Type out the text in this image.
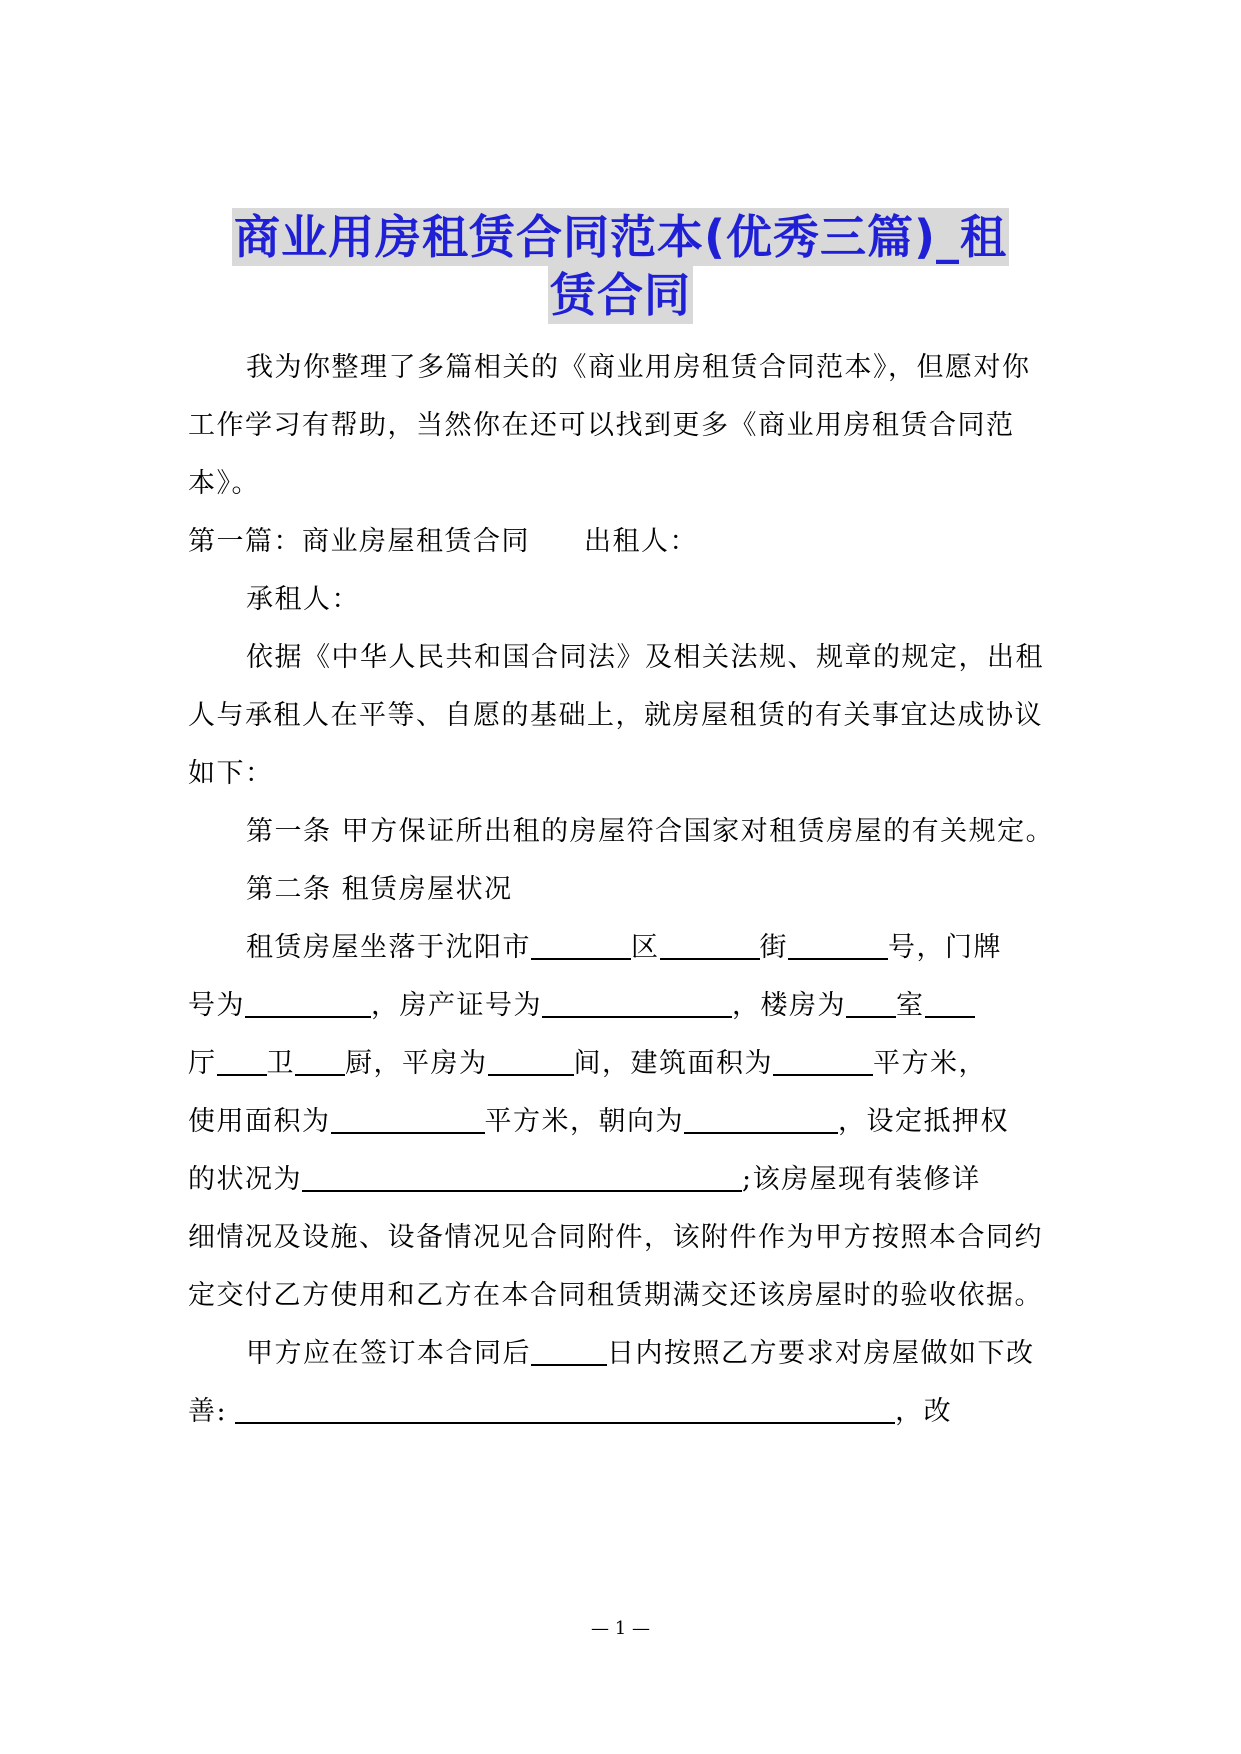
商业用房租赁合同范本(优秀三篇)_租
赁合同
我为你整理了多篇相关的《商业用房租赁合同范本》，但愿对你
工作学习有帮助，当然你在还可以找到更多《商业用房租赁合同范
本》。
第一篇：商业房屋租赁合同 出租人：
承租人：
依据《中华人民共和国合同法》及相关法规、规章的规定，出租
人与承租人在平等、自愿的基础上，就房屋租赁的有关事宜达成协议
如下：
第一条 甲方保证所出租的房屋符合国家对租赁房屋的有关规定。
第二条 租赁房屋状况
租赁房屋坐落于沈阳市	区	街	号，门牌
号为	，房产证号为	，楼房为 室
厅 卫 厨，平房为	间，建筑面积为	平方米，
使用面积为	平方米，朝向为	，设定抵押权
的状况为	;该房屋现有装修详
细情况及设施、设备情况见合同附件，该附件作为甲方按照本合同约
定交付乙方使用和乙方在本合同租赁期满交还该房屋时的验收依据。
甲方应在签订本合同后	日内按照乙方要求对房屋做如下改
善:	，改
— 1 —
